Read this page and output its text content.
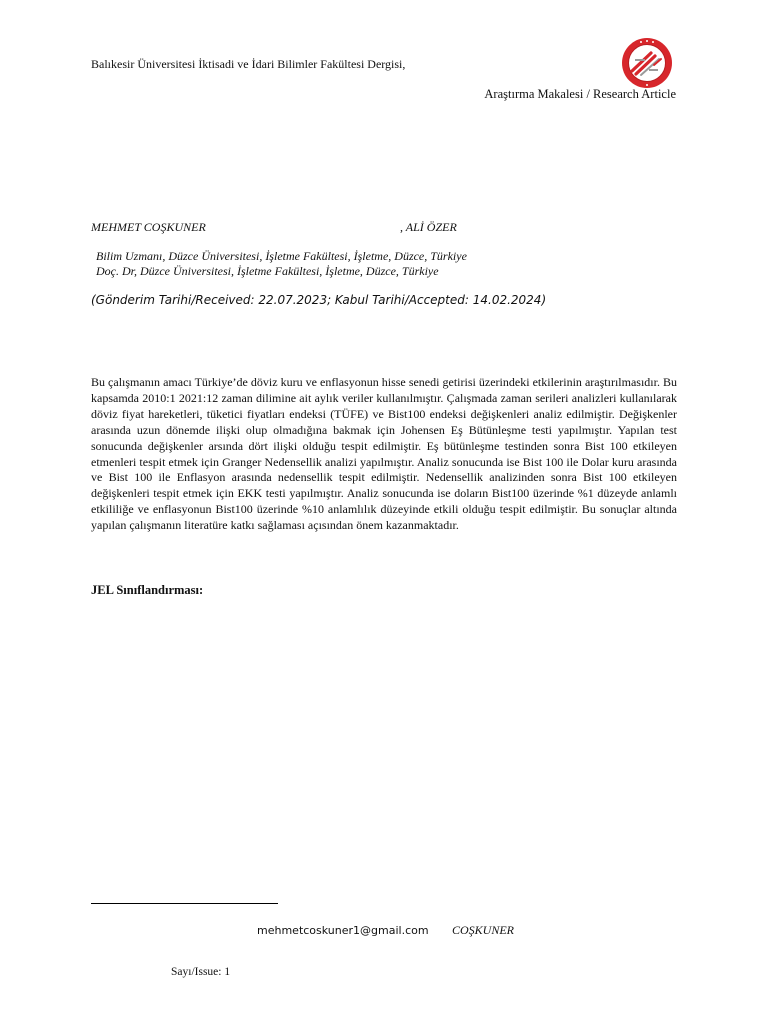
Balıkesir Üniversitesi İktisadi ve İdari Bilimler Fakültesi Dergisi,
Araştırma Makalesi / Research Article
MEHMET COŞKUNER	, ALİ ÖZER
Bilim Uzmanı, Düzce Üniversitesi, İşletme Fakültesi, İşletme, Düzce, Türkiye
Doç. Dr, Düzce Üniversitesi, İşletme Fakültesi, İşletme, Düzce, Türkiye
(Gönderim Tarihi/Received: 22.07.2023; Kabul Tarihi/Accepted: 14.02.2024)
Bu çalışmanın amacı Türkiye’de döviz kuru ve enflasyonun hisse senedi getirisi üzerindeki etkilerinin araştırılmasıdır. Bu kapsamda 2010:1 2021:12 zaman dilimine ait aylık veriler kullanılmıştır. Çalışmada zaman serileri analizleri kullanılarak döviz fiyat hareketleri, tüketici fiyatları endeksi (TÜFE) ve Bist100 endeksi değişkenleri analiz edilmiştir. Değişkenler arasında uzun dönemde ilişki olup olmadığına bakmak için Johensen Eş Bütünleşme testi yapılmıştır. Yapılan test sonucunda değişkenler arsında dört ilişki olduğu tespit edilmiştir. Eş bütünleşme testinden sonra Bist 100 etkileyen etmenleri tespit etmek için Granger Nedensellik analizi yapılmıştır. Analiz sonucunda ise Bist 100 ile Dolar kuru arasında ve Bist 100 ile Enflasyon arasında nedensellik tespit edilmiştir. Nedensellik analizinden sonra Bist 100 etkileyen değişkenleri tespit etmek için EKK testi yapılmıştır. Analiz sonucunda ise doların Bist100 üzerinde %1 düzeyde anlamlı etkililiğe ve enflasyonun Bist100 üzerinde %10 anlamlılık düzeyinde etkili olduğu tespit edilmiştir. Bu sonuçlar altında yapılan çalışmanın literatüre katkı sağlaması açısından önem kazanmaktadır.
JEL Sınıflandırması:
mehmetcoskuner1@gmail.com COŞKUNER
Sayı/Issue: 1
